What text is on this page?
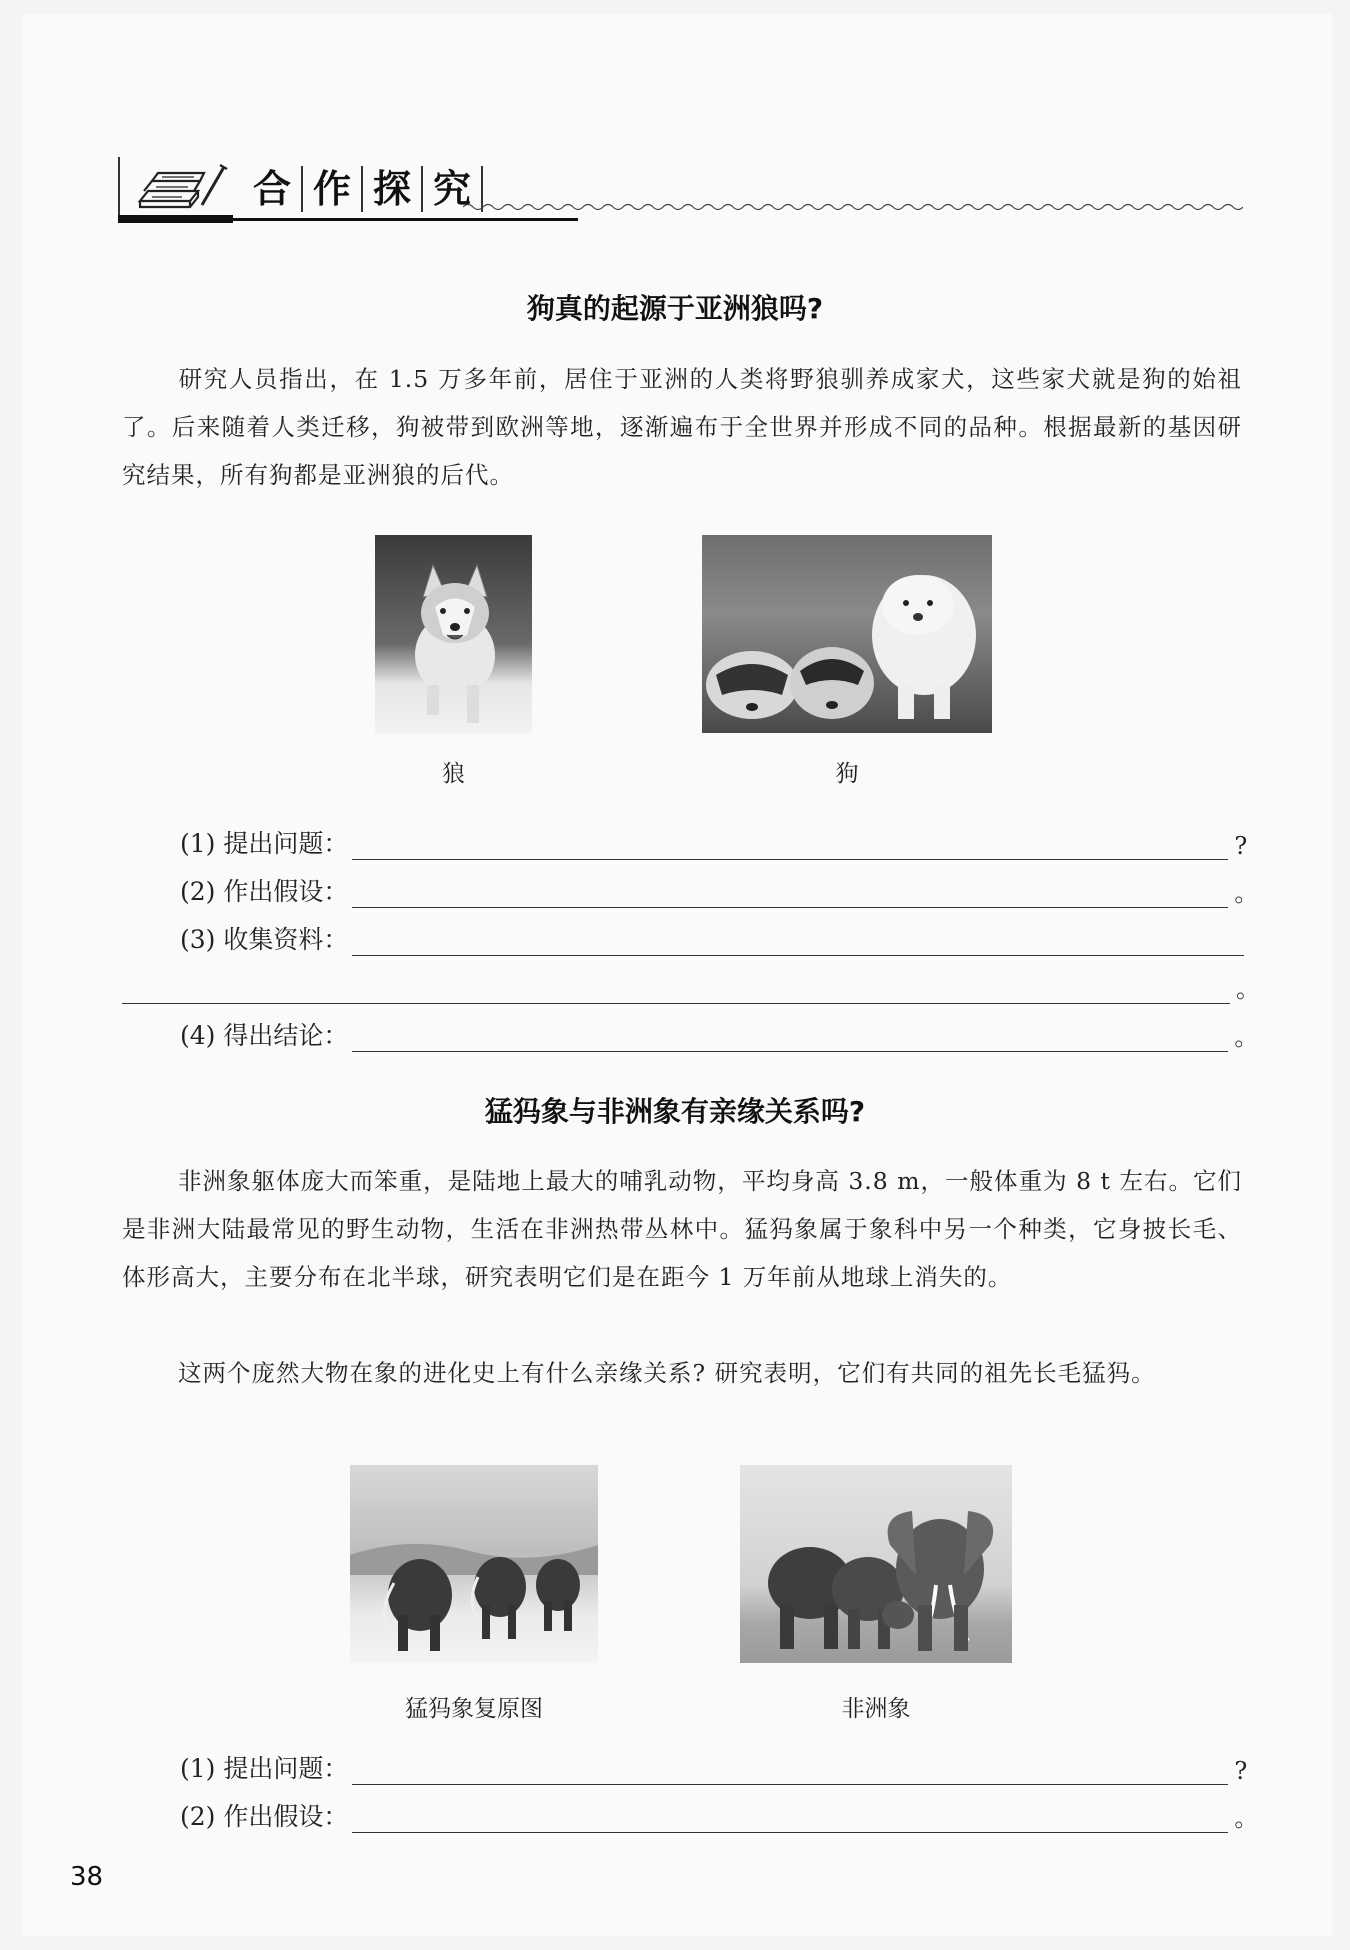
合 作 探 究
狗真的起源于亚洲狼吗?
研究人员指出，在 1.5 万多年前，居住于亚洲的人类将野狼驯养成家犬，这些家犬就是狗的始祖了。后来随着人类迁移，狗被带到欧洲等地，逐渐遍布于全世界并形成不同的品种。根据最新的基因研究结果，所有狗都是亚洲狼的后代。
狼	狗
(1) 提出问题：	?
(2) 作出假设：	。
(3) 收集资料：
。
(4) 得出结论：	。
猛犸象与非洲象有亲缘关系吗?
非洲象躯体庞大而笨重，是陆地上最大的哺乳动物，平均身高 3.8 m，一般体重为 8 t 左右。它们是非洲大陆最常见的野生动物，生活在非洲热带丛林中。猛犸象属于象科中另一个种类，它身披长毛、体形高大，主要分布在北半球，研究表明它们是在距今 1 万年前从地球上消失的。
这两个庞然大物在象的进化史上有什么亲缘关系? 研究表明，它们有共同的祖先长毛猛犸。
猛犸象复原图	非洲象
(1) 提出问题：	?
(2) 作出假设：	。
38
